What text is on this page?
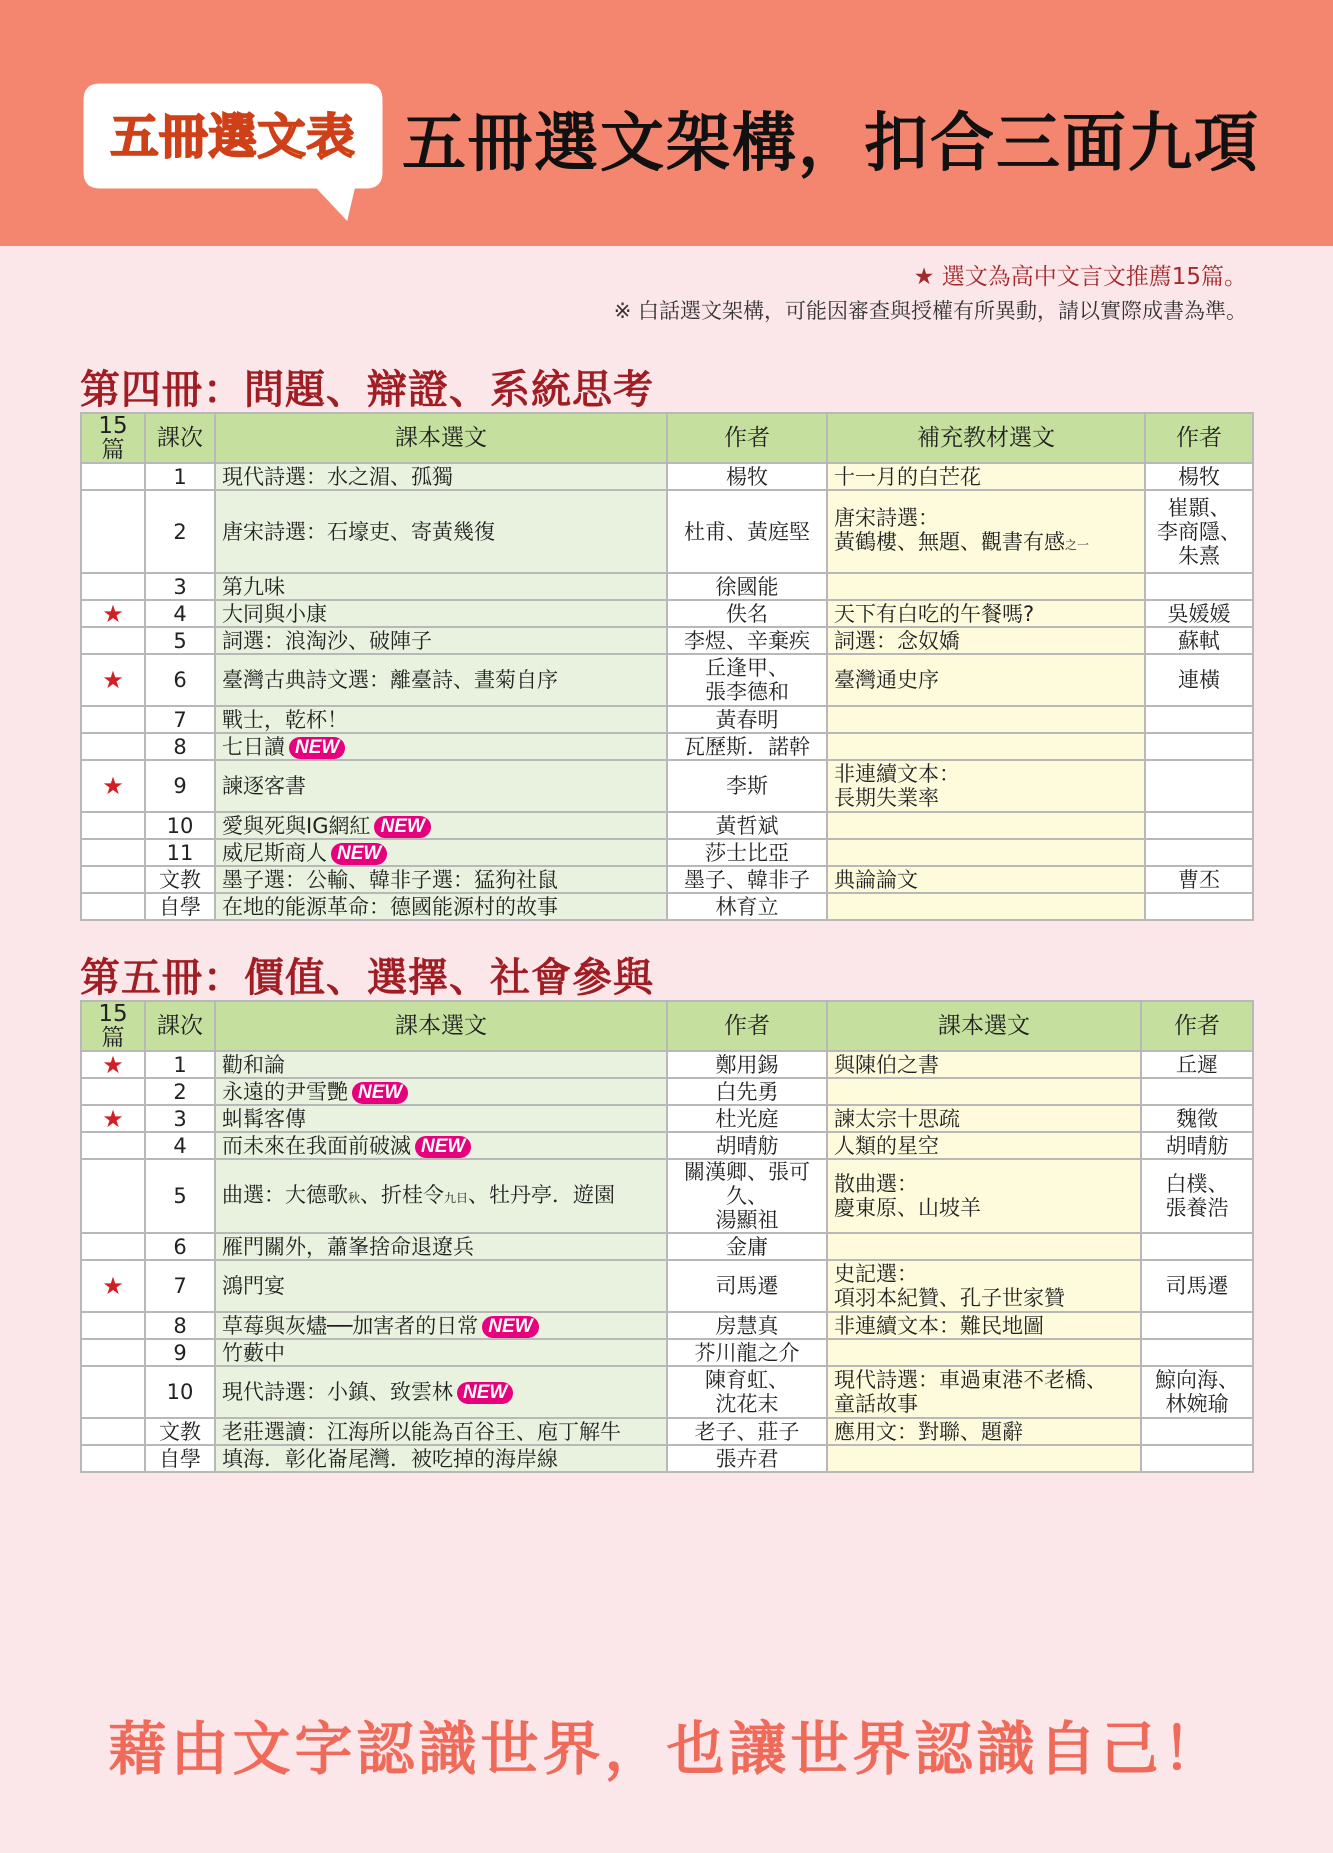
五冊選文表 五冊選文架構，扣合三面九項
★ 選文為高中文言文推薦15篇。
※ 白話選文架構，可能因審查與授權有所異動，請以實際成書為準。
第四冊：問題、辯證、系統思考
15篇	課次	課本選文	作者	補充教材選文	作者
	1	現代詩選：水之湄、孤獨	楊牧	十一月的白芒花	楊牧
	2	唐宋詩選：石壕吏、寄黃幾復	杜甫、黃庭堅	唐宋詩選：
黃鶴樓、無題、觀書有感之一	崔顥、
李商隱、
朱熹
	3	第九味	徐國能		
★	4	大同與小康	佚名	天下有白吃的午餐嗎?	吳媛媛
	5	詞選：浪淘沙、破陣子	李煜、辛棄疾	詞選：念奴嬌	蘇軾
★	6	臺灣古典詩文選：離臺詩、晝菊自序	丘逢甲、
張李德和	臺灣通史序	連橫
	7	戰士，乾杯！	黃春明		
	8	七日讀 NEW	瓦歷斯．諾幹		
★	9	諫逐客書	李斯	非連續文本：
長期失業率	
	10	愛與死與IG網紅 NEW	黃哲斌		
	11	威尼斯商人 NEW	莎士比亞		
	文教	墨子選：公輸、韓非子選：猛狗社鼠	墨子、韓非子	典論論文	曹丕
	自學	在地的能源革命：德國能源村的故事	林育立		
第五冊：價值、選擇、社會參與
15篇	課次	課本選文	作者	課本選文	作者
★	1	勸和論	鄭用錫	與陳伯之書	丘遲
	2	永遠的尹雪艷 NEW	白先勇		
★	3	虯髯客傳	杜光庭	諫太宗十思疏	魏徵
	4	而未來在我面前破滅 NEW	胡晴舫	人類的星空	胡晴舫
	5	曲選：大德歌秋、折桂令九日、牡丹亭．遊園	關漢卿、張可久、
湯顯祖	散曲選：
慶東原、山坡羊	白樸、
張養浩
	6	雁門關外，蕭峯捨命退遼兵	金庸		
★	7	鴻門宴	司馬遷	史記選：
項羽本紀贊、孔子世家贊	司馬遷
	8	草莓與灰燼──加害者的日常 NEW	房慧真	非連續文本：難民地圖	
	9	竹藪中	芥川龍之介		
	10	現代詩選：小鎮、致雲林 NEW	陳育虹、
沈花末	現代詩選：車過東港不老橋、
童話故事	鯨向海、
林婉瑜
	文教	老莊選讀：江海所以能為百谷王、庖丁解牛	老子、莊子	應用文：對聯、題辭	
	自學	填海．彰化崙尾灣．被吃掉的海岸線	張卉君		
藉由文字認識世界，也讓世界認識自己！
